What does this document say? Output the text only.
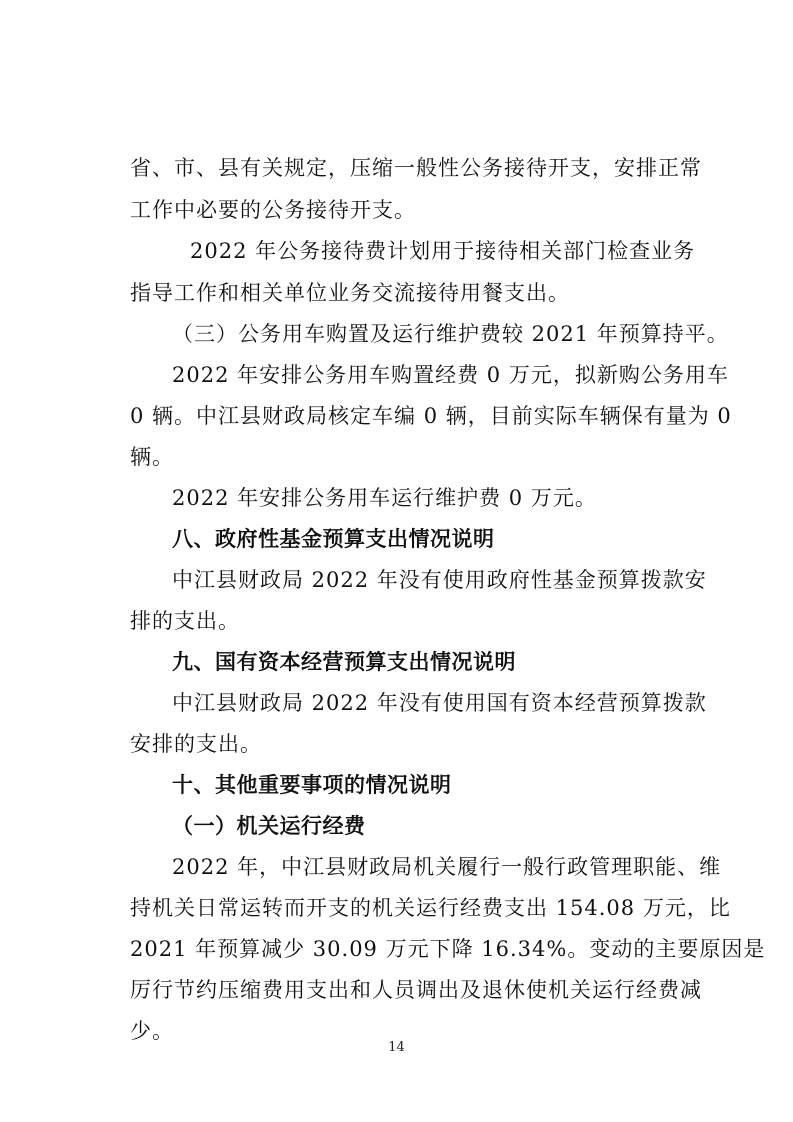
省、市、县有关规定，压缩一般性公务接待开支，安排正常
工作中必要的公务接待开支。
2022 年公务接待费计划用于接待相关部门检查业务
指导工作和相关单位业务交流接待用餐支出。
（三）公务用车购置及运行维护费较 2021 年预算持平。
2022 年安排公务用车购置经费 0 万元，拟新购公务用车
0 辆。中江县财政局核定车编 0 辆，目前实际车辆保有量为 0
辆。
2022 年安排公务用车运行维护费 0 万元。
八、政府性基金预算支出情况说明
中江县财政局 2022 年没有使用政府性基金预算拨款安
排的支出。
九、国有资本经营预算支出情况说明
中江县财政局 2022 年没有使用国有资本经营预算拨款
安排的支出。
十、其他重要事项的情况说明
（一）机关运行经费
2022 年，中江县财政局机关履行一般行政管理职能、维
持机关日常运转而开支的机关运行经费支出 154.08 万元，比
2021 年预算减少 30.09 万元下降 16.34%。变动的主要原因是
厉行节约压缩费用支出和人员调出及退休使机关运行经费减
少。
14
